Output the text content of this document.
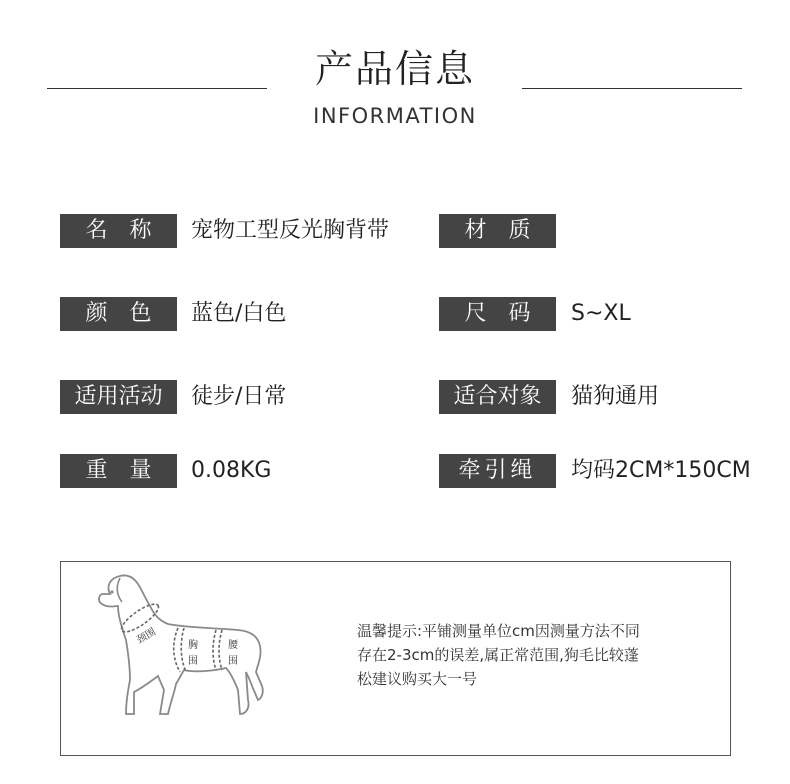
产品信息
INFORMATION
名　称	宠物工型反光胸背带	材　质
颜　色	蓝色/白色	尺　码	S~XL
适用活动	徒步/日常	适合对象	猫狗通用
重　量	0.08KG	牵引绳	均码2CM*150CM
颈围	胸
围
腰
围
温馨提示:平铺测量单位cm因测量方法不同
存在2-3cm的误差,属正常范围,狗毛比较蓬
松建议购买大一号
